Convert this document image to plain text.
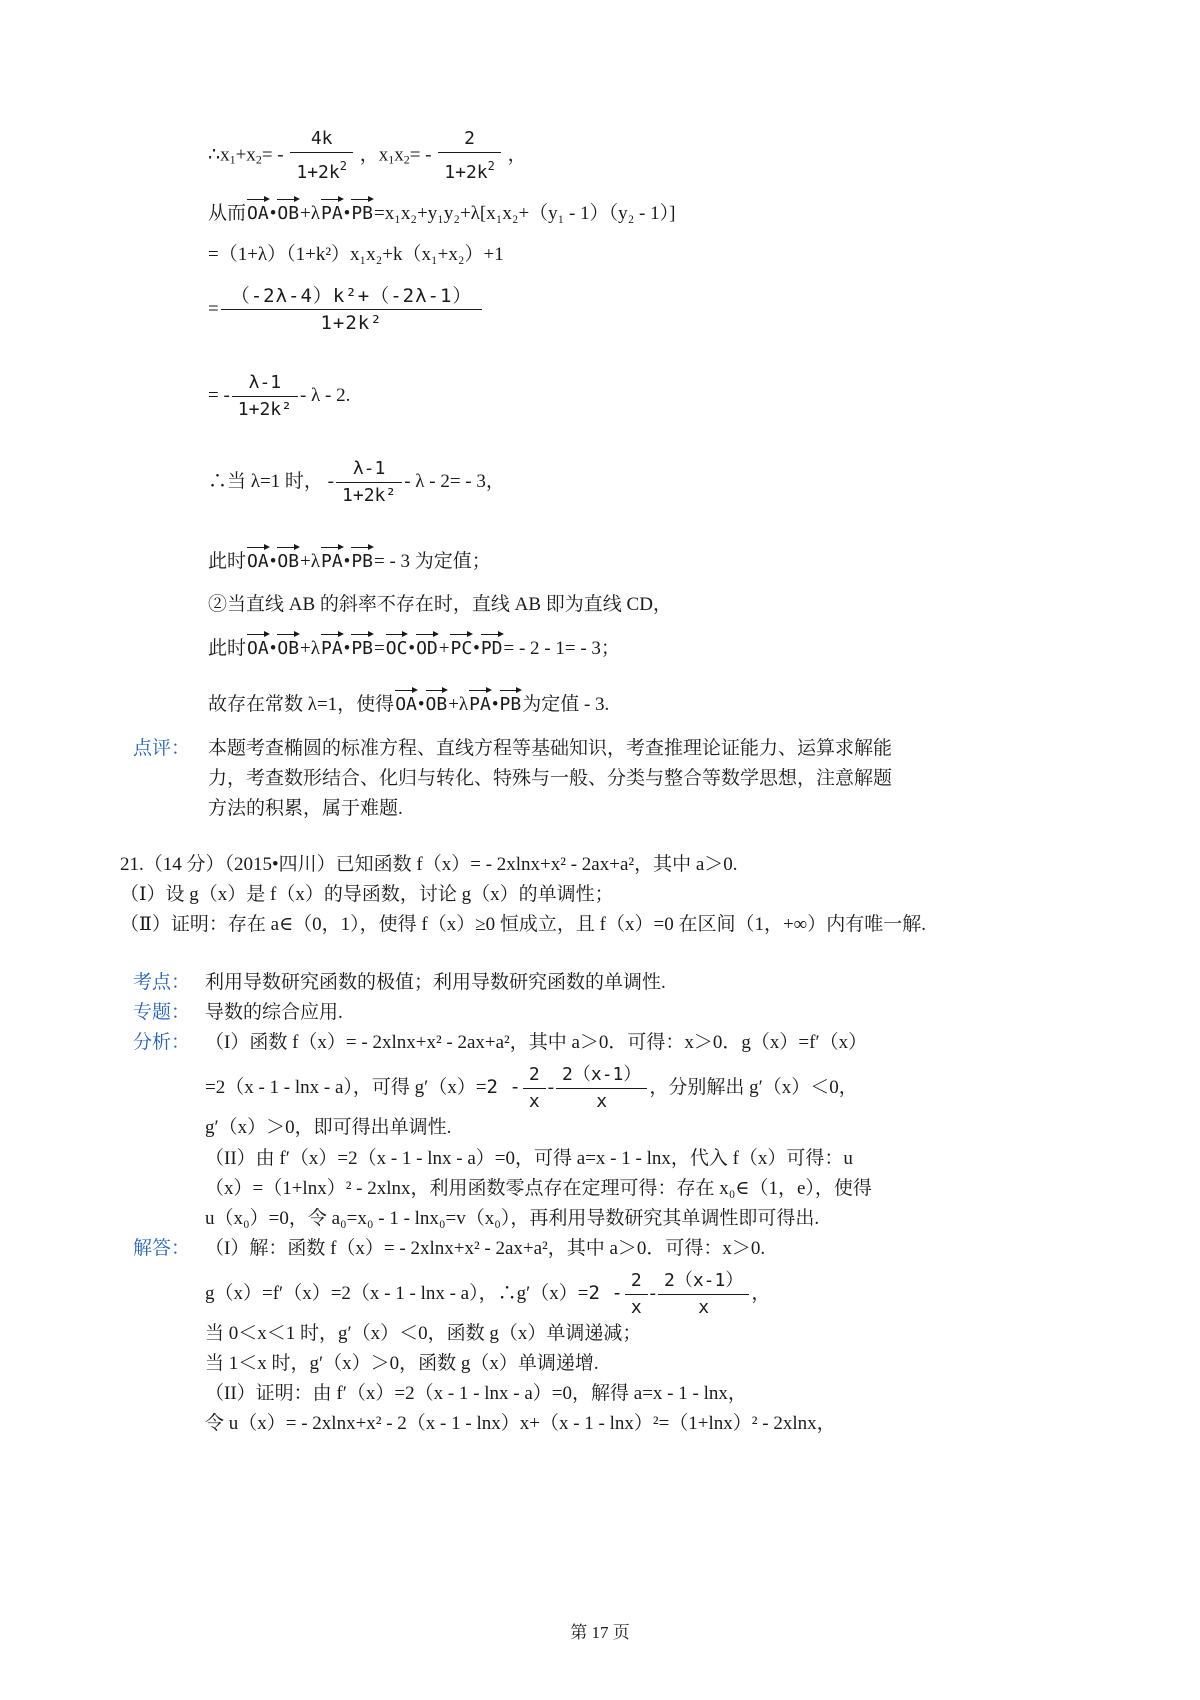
$\therefore x_1+x_2= - \frac{4k}{1+2k^2}$ ，$x_1x_2= - \frac{2}{1+2k^2}$ ，
从而OA•OB+λPA•PB=x₁x₂+y₁y₂+λ[x₁x₂+（y₁ - 1）（y₂ - 1）]
=（1+λ）（1+k²）x₁x₂+k（x₁+x₂）+1
= $\frac{\text{（-2λ-4）k²+（-2λ-1）}}{\text{1+2k²}}$
= - $\frac{\lambda-1}{\text{1+2k²}}$ - λ - 2.
∴当 λ=1 时， - $\frac{\lambda-1}{\text{1+2k²}} - \lambda - 2= - 3$，
此时OA•OB+λPA•PB= - 3 为定值；
②当直线 AB 的斜率不存在时，直线 AB 即为直线 CD，
此时OA•OB+λPA•PB=OC•OD+PC•PD= - 2 - 1= - 3；
故存在常数 λ=1，使得OA•OB+λPA•PB为定值 - 3.
点评： 本题考查椭圆的标准方程、直线方程等基础知识，考查推理论证能力、运算求解能
力，考查数形结合、化归与转化、特殊与一般、分类与整合等数学思想，注意解题
方法的积累，属于难题.
21.（14 分）（2015•四川）已知函数 f（x）= - 2xlnx+x² - 2ax+a²，其中 a＞0.
（Ⅰ）设 g（x）是 f（x）的导函数，讨论 g（x）的单调性；
（Ⅱ）证明：存在 a∈（0，1），使得 f（x）≥0 恒成立，且 f（x）=0 在区间（1，+∞）内有唯一解.
考点： 利用导数研究函数的极值；利用导数研究函数的单调性.
专题： 导数的综合应用.
分析： （I）函数 f（x）= - 2xlnx+x² - 2ax+a²，其中 a＞0．可得：x＞0．g（x）=f′（x）
=2（x - 1 - lnx - a），可得 $g'(x)=2 - \frac{2}{x} - \frac{2(x-1)}{x}$ ，分别解出 g′（x）＜0，
g′（x）＞0，即可得出单调性.
（II）由 f′（x）=2（x - 1 - lnx - a）=0，可得 a=x - 1 - lnx，代入 f（x）可得：u
（x）=（1+lnx）² - 2xlnx，利用函数零点存在定理可得：存在 x₀∈（1，e），使得
u（x₀）=0，令 a₀=x₀ - 1 - lnx₀=v（x₀），再利用导数研究其单调性即可得出.
解答： （I）解：函数 f（x）= - 2xlnx+x² - 2ax+a²，其中 a＞0．可得：x＞0.
g（x）=f′（x）=2（x - 1 - lnx - a），∴g′（x）=2 - $\frac{2}{x} - \frac{2(x-1)}{x}$ ，
当 0＜x＜1 时，g′（x）＜0，函数 g（x）单调递减；
当 1＜x 时，g′（x）＞0，函数 g（x）单调递增.
（II）证明：由 f′（x）=2（x - 1 - lnx - a）=0，解得 a=x - 1 - lnx，
令 u（x）= - 2xlnx+x² - 2（x - 1 - lnx）x+（x - 1 - lnx）²=（1+lnx）² - 2xlnx，
第 17 页
